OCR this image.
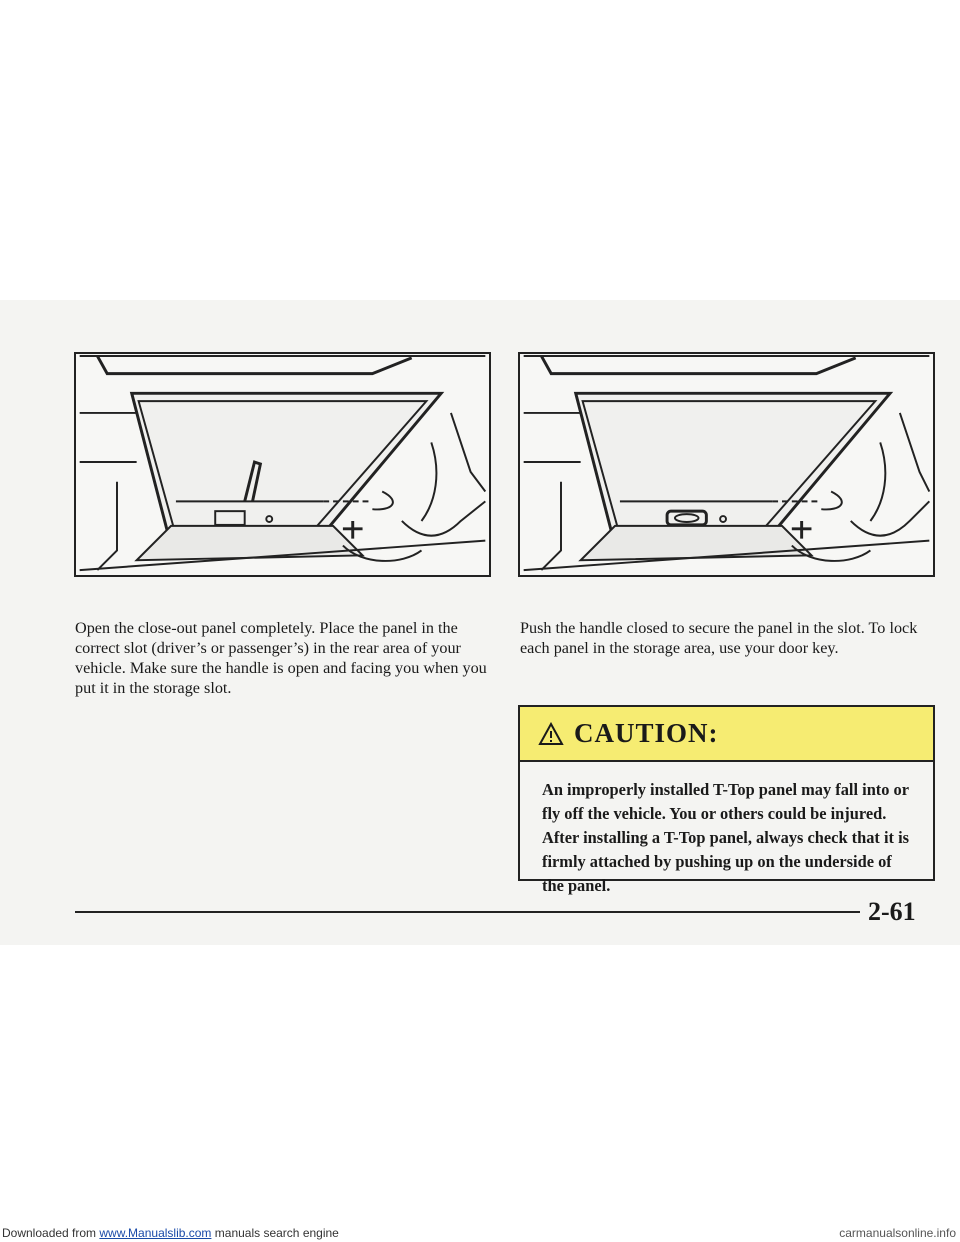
Open the close-out panel completely. Place the panel in the correct slot (driver’s or passenger’s) in the rear area of your vehicle. Make sure the handle is open and facing you when you put it in the storage slot.

Push the handle closed to secure the panel in the slot. To lock each panel in the storage area, use your door key.

CAUTION:

An improperly installed T-Top panel may fall into or fly off the vehicle. You or others could be injured. After installing a T-Top panel, always check that it is firmly attached by pushing up on the underside of the panel.

2-61
Downloaded from www.Manualslib.com manuals search engine	carmanualsonline.info
